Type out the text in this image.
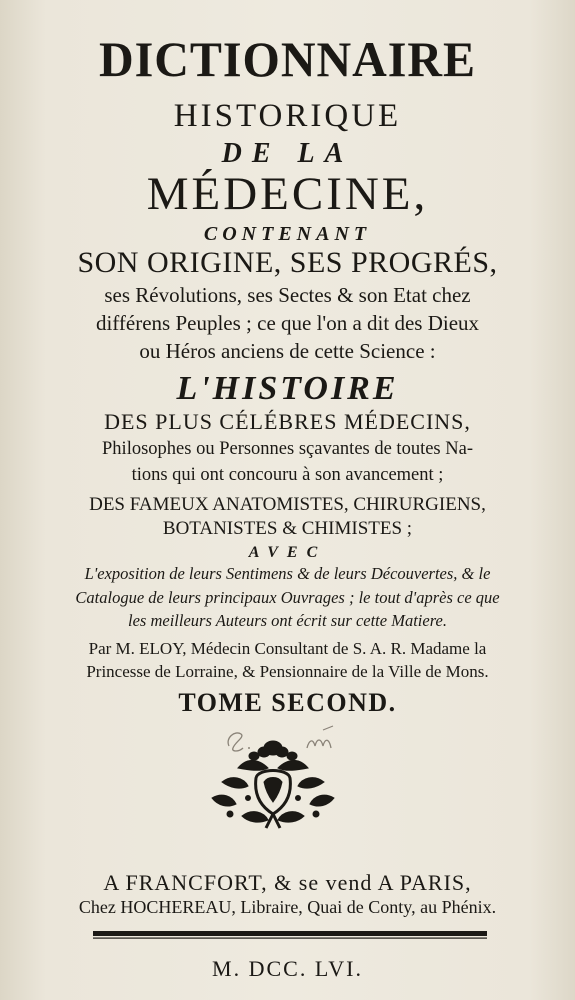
DICTIONNAIRE
HISTORIQUE
DE LA
MÉDECINE,
CONTENANT
SON ORIGINE, SES PROGRÉS,
ses Révolutions, ses Sectes & son Etat chez
différens Peuples ; ce que l'on a dit des Dieux
ou Héros anciens de cette Science :
L'HISTOIRE
DES PLUS CÉLÉBRES MÉDECINS,
Philosophes ou Personnes sçavantes de toutes Na-
tions qui ont concouru à son avancement ;
DES FAMEUX ANATOMISTES, CHIRURGIENS,
BOTANISTES & CHIMISTES ;
AVEC
L'exposition de leurs Sentimens & de leurs Découvertes, & le
Catalogue de leurs principaux Ouvrages ; le tout d'après ce que
les meilleurs Auteurs ont écrit sur cette Matiere.
Par M. ELOY, Médecin Consultant de S. A. R. Madame la
Princesse de Lorraine, & Pensionnaire de la Ville de Mons.
TOME SECOND.
A FRANCFORT, & se vend A PARIS,
Chez HOCHEREAU, Libraire, Quai de Conty, au Phénix.
M. DCC. LVI.
